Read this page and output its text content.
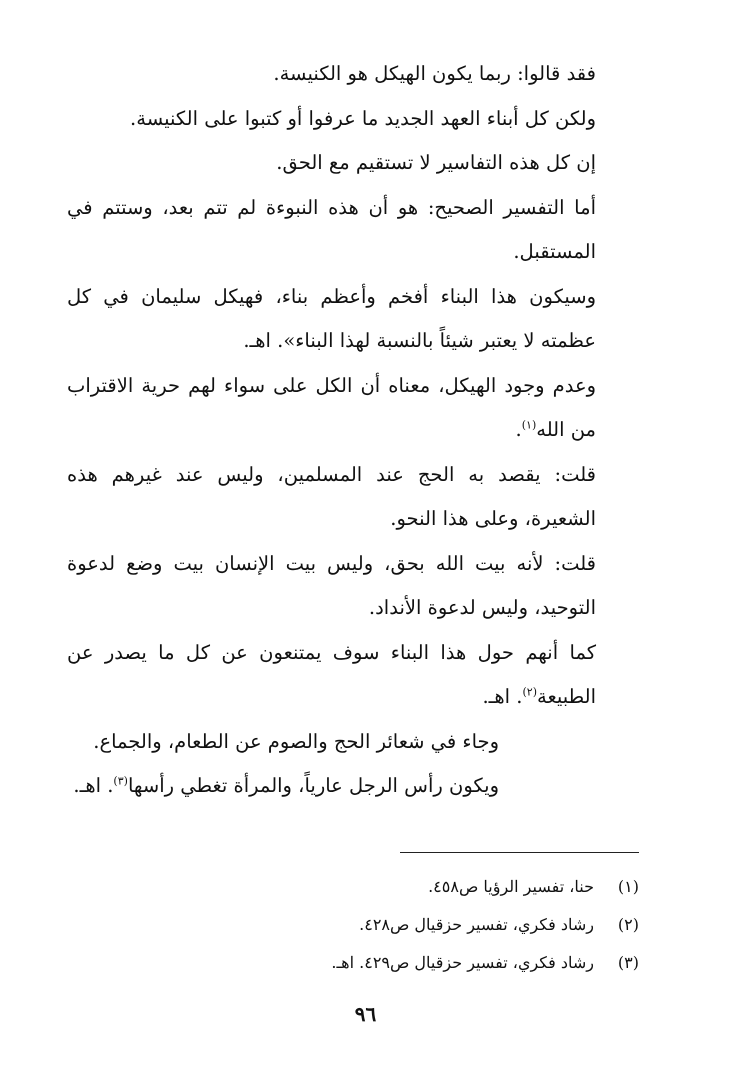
فقد قالوا: ربما يكون الهيكل هو الكنيسة.

ولكن كل أبناء العهد الجديد ما عرفوا أو كتبوا على الكنيسة.

إن كل هذه التفاسير لا تستقيم مع الحق.

أما التفسير الصحيح: هو أن هذه النبوءة لم تتم بعد، وستتم في المستقبل.

وسيكون هذا البناء أفخم وأعظم بناء، فهيكل سليمان في كل عظمته لا يعتبر شيئاً بالنسبة لهذا البناء». اهـ.

وعدم وجود الهيكل، معناه أن الكل على سواء لهم حرية الاقتراب من الله$^{(١)}$.

قلت: يقصد به الحج عند المسلمين، وليس عند غيرهم هذه الشعيرة، وعلى هذا النحو.

قلت: لأنه بيت الله بحق، وليس بيت الإنسان بيت وضع لدعوة التوحيد، وليس لدعوة الأنداد.

كما أنهم حول هذا البناء سوف يمتنعون عن كل ما يصدر عن الطبيعة$^{(٢)}$. اهـ.

وجاء في شعائر الحج والصوم عن الطعام، والجماع.

ويكون رأس الرجل عارياً، والمرأة تغطي رأسها$^{(٣)}$. اهـ.

(١)
حنا، تفسير الرؤيا ص٤٥٨.
(٢)
رشاد فكري، تفسير حزقيال ص٤٢٨.
(٣)
رشاد فكري، تفسير حزقيال ص٤٢٩. اهـ.
٩٦
